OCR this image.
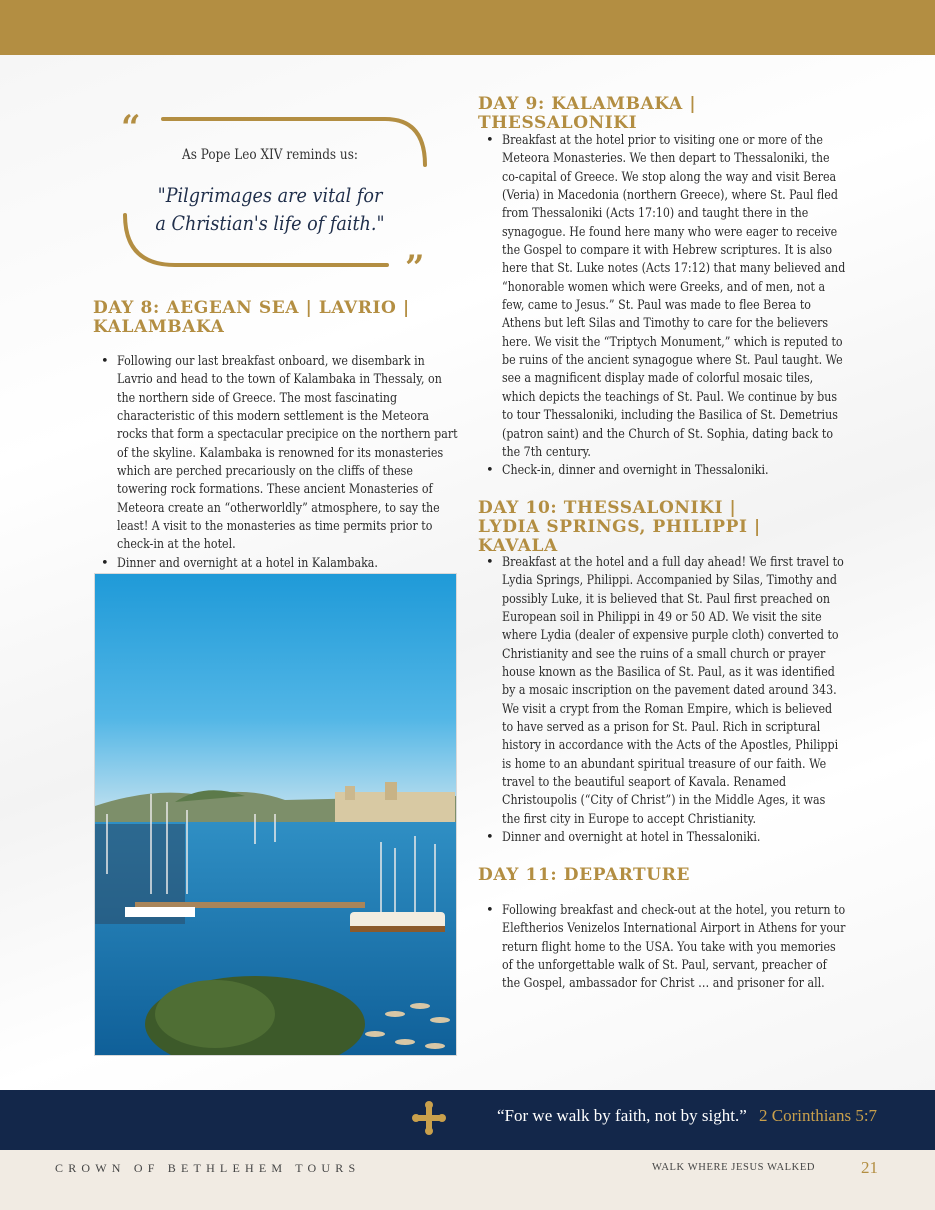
“
”
As Pope Leo XIV reminds us:
"Pilgrimages are vital for a Christian's life of faith."
DAY 8: AEGEAN SEA | LAVRIO | KALAMBAKA
• Following our last breakfast onboard, we disembark in Lavrio and head to the town of Kalambaka in Thessaly, on the northern side of Greece. The most fascinating characteristic of this modern settlement is the Meteora rocks that form a spectacular precipice on the northern part of the skyline. Kalambaka is renowned for its monasteries which are perched precariously on the cliffs of these towering rock formations. These ancient Monasteries of Meteora create an “otherworldly” atmosphere, to say the least! A visit to the monasteries as time permits prior to check-in at the hotel.
• Dinner and overnight at a hotel in Kalambaka.
DAY 9: KALAMBAKA | THESSALONIKI
• Breakfast at the hotel prior to visiting one or more of the Meteora Monasteries. We then depart to Thessaloniki, the co-capital of Greece. We stop along the way and visit Berea (Veria) in Macedonia (northern Greece), where St. Paul fled from Thessaloniki (Acts 17:10) and taught there in the synagogue. He found here many who were eager to receive the Gospel to compare it with Hebrew scriptures. It is also here that St. Luke notes (Acts 17:12) that many believed and “honorable women which were Greeks, and of men, not a few, came to Jesus.” St. Paul was made to flee Berea to Athens but left Silas and Timothy to care for the believers here. We visit the “Triptych Monument,” which is reputed to be ruins of the ancient synagogue where St. Paul taught. We see a magnificent display made of colorful mosaic tiles, which depicts the teachings of St. Paul. We continue by bus to tour Thessaloniki, including the Basilica of St. Demetrius (patron saint) and the Church of St. Sophia, dating back to the 7th century.
• Check-in, dinner and overnight in Thessaloniki.
DAY 10: THESSALONIKI | LYDIA SPRINGS, PHILIPPI | KAVALA
• Breakfast at the hotel and a full day ahead! We first travel to Lydia Springs, Philippi. Accompanied by Silas, Timothy and possibly Luke, it is believed that St. Paul first preached on European soil in Philippi in 49 or 50 AD. We visit the site where Lydia (dealer of expensive purple cloth) converted to Christianity and see the ruins of a small church or prayer house known as the Basilica of St. Paul, as it was identified by a mosaic inscription on the pavement dated around 343. We visit a crypt from the Roman Empire, which is believed to have served as a prison for St. Paul. Rich in scriptural history in accordance with the Acts of the Apostles, Philippi is home to an abundant spiritual treasure of our faith. We travel to the beautiful seaport of Kavala. Renamed Christoupolis (“City of Christ”) in the Middle Ages, it was the first city in Europe to accept Christianity.
• Dinner and overnight at hotel in Thessaloniki.
DAY 11: DEPARTURE
• Following breakfast and check-out at the hotel, you return to Eleftherios Venizelos International Airport in Athens for your return flight home to the USA. You take with you memories of the unforgettable walk of St. Paul, servant, preacher of the Gospel, ambassador for Christ … and prisoner for all.
“For we walk by faith, not by sight.” 2 Corinthians 5:7
CROWN OF BETHLEHEM TOURS	WALK WHERE JESUS WALKED	21
